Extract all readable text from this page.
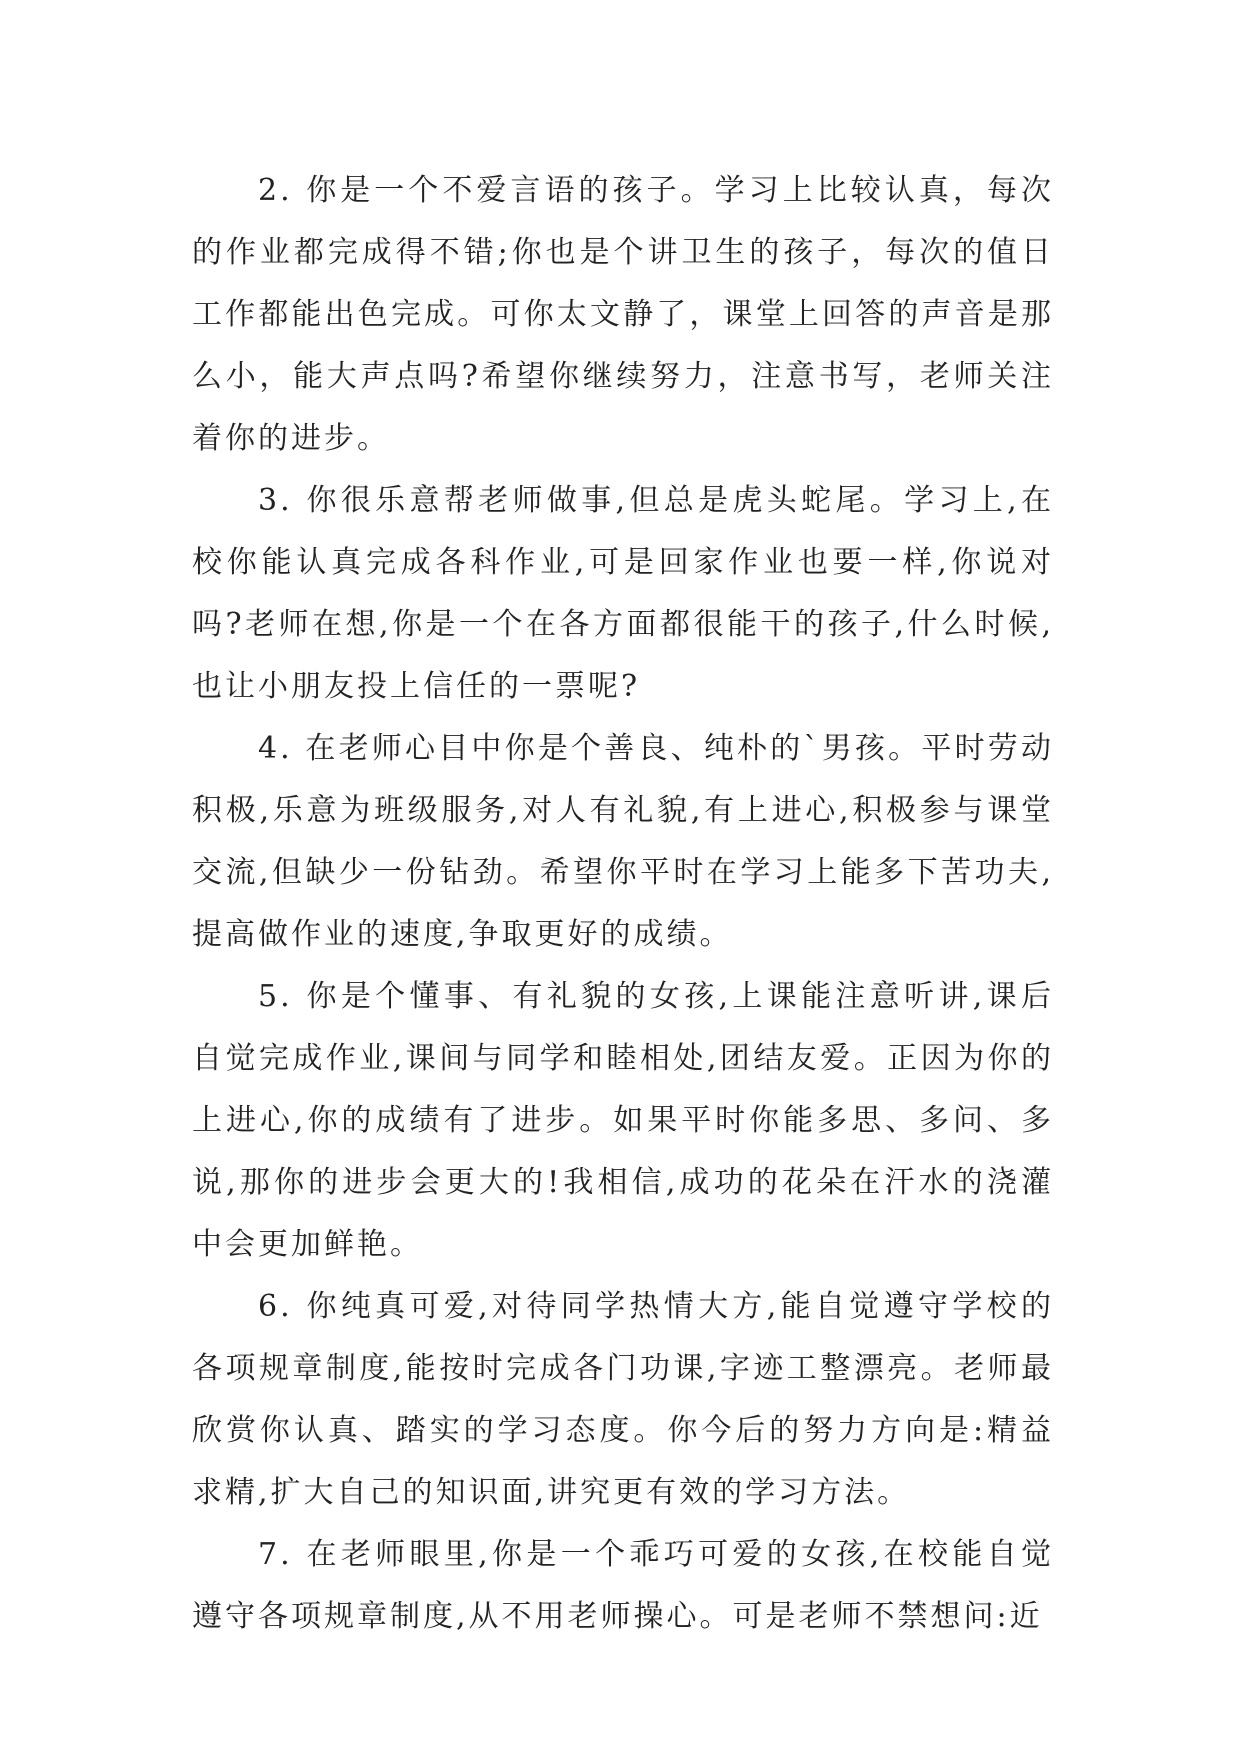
2. 你是一个不爱言语的孩子。学习上比较认真，每次的作业都完成得不错;你也是个讲卫生的孩子，每次的值日工作都能出色完成。可你太文静了，课堂上回答的声音是那么小，能大声点吗?希望你继续努力，注意书写，老师关注着你的进步。

3. 你很乐意帮老师做事,但总是虎头蛇尾。学习上,在校你能认真完成各科作业,可是回家作业也要一样,你说对吗?老师在想,你是一个在各方面都很能干的孩子,什么时候,也让小朋友投上信任的一票呢?

4. 在老师心目中你是个善良、纯朴的`男孩。平时劳动积极,乐意为班级服务,对人有礼貌,有上进心,积极参与课堂交流,但缺少一份钻劲。希望你平时在学习上能多下苦功夫,提高做作业的速度,争取更好的成绩。

5. 你是个懂事、有礼貌的女孩,上课能注意听讲,课后自觉完成作业,课间与同学和睦相处,团结友爱。正因为你的上进心,你的成绩有了进步。如果平时你能多思、多问、多说,那你的进步会更大的!我相信,成功的花朵在汗水的浇灌中会更加鲜艳。

6. 你纯真可爱,对待同学热情大方,能自觉遵守学校的各项规章制度,能按时完成各门功课,字迹工整漂亮。老师最欣赏你认真、踏实的学习态度。你今后的努力方向是:精益求精,扩大自己的知识面,讲究更有效的学习方法。

7. 在老师眼里,你是一个乖巧可爱的女孩,在校能自觉遵守各项规章制度,从不用老师操心。可是老师不禁想问:近
